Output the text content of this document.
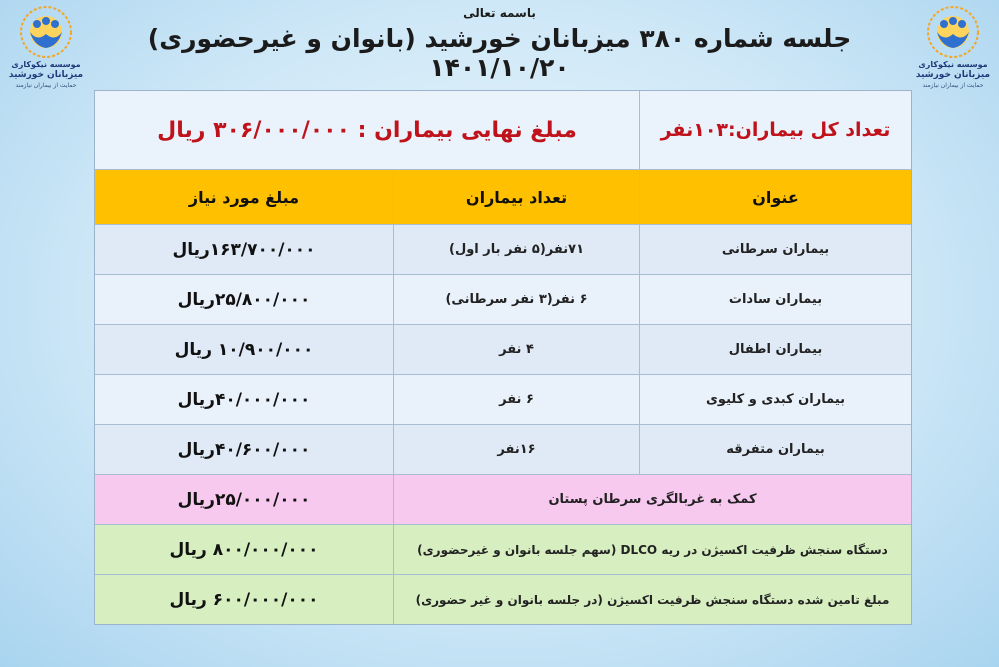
موسسه نیکوکاری
میزبانان خورشید
حمایت از بیماران نیازمند
موسسه نیکوکاری
میزبانان خورشید
حمایت از بیماران نیازمند
باسمه تعالی
جلسه شماره ۳۸۰ میزبانان خورشید (بانوان و غیرحضوری) ۱۴۰۱/۱۰/۲۰
تعداد کل بیماران:۱۰۳نفر
مبلغ نهایی بیماران : ۳۰۶/۰۰۰/۰۰۰ ریال
عنوان
تعداد بیماران
مبلغ مورد نیاز
بیماران سرطانی
۷۱نفر(۵ نفر بار اول)
۱۶۳/۷۰۰/۰۰۰ریال
بیماران سادات
۶ نفر(۳ نفر سرطانی)
۲۵/۸۰۰/۰۰۰ریال
بیماران اطفال
۴ نفر
۱۰/۹۰۰/۰۰۰ ریال
بیماران کبدی و کلیوی
۶ نفر
۴۰/۰۰۰/۰۰۰ریال
بیماران متفرقه
۱۶نفر
۴۰/۶۰۰/۰۰۰ریال
کمک به غربالگری سرطان پستان
۲۵/۰۰۰/۰۰۰ریال
دستگاه سنجش ظرفیت اکسیژن در ریه DLCO (سهم جلسه بانوان و غیرحضوری)
۸۰۰/۰۰۰/۰۰۰ ریال
مبلغ تامین شده دستگاه سنجش ظرفیت اکسیژن (در جلسه بانوان و غیر حضوری)
۶۰۰/۰۰۰/۰۰۰ ریال
